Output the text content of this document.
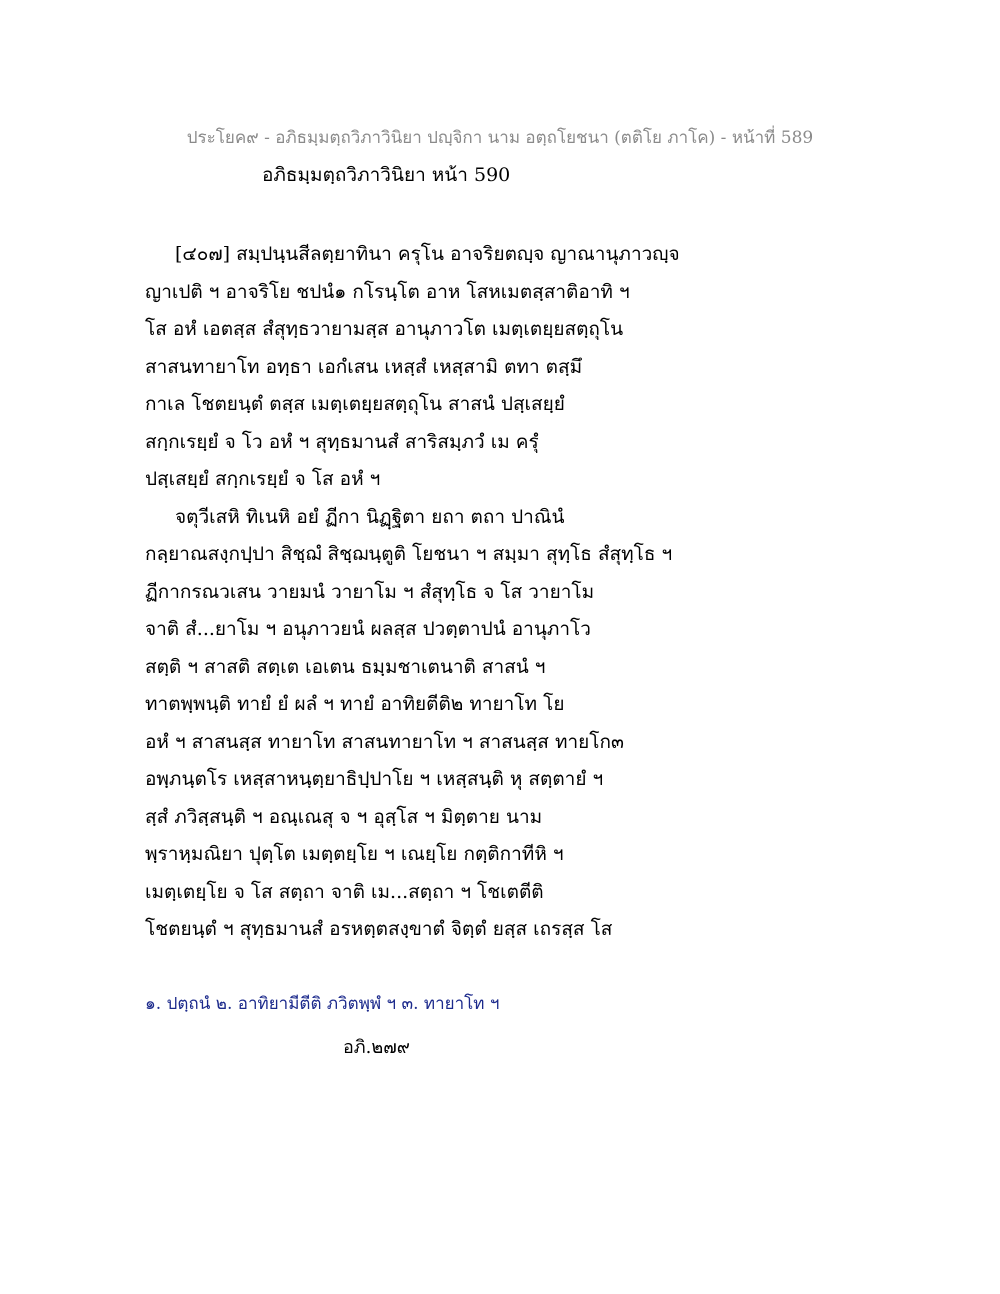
ประโยค๙ - อภิธมฺมตฺถวิภาวินิยา ปญฺจิกา นาม อตฺถโยชนา (ตติโย ภาโค) - หน้าที่ 589
อภิธมฺมตฺถวิภาวินิยา หน้า 590
[๔๐๗] สมฺปนฺนสีลตฺยาทินา ครุโน อาจริยตญฺจ ญาณานุภาวญฺจ
ญาเปติ ฯ อาจริโย ชปนํ๑ กโรนฺโต อาห โสหเมตสฺสาติอาทิ ฯ
โส อหํ เอตสฺส สํสุทฺธวายามสฺส อานุภาวโต เมตฺเตยฺยสตฺถุโน
สาสนทายาโท อทฺธา เอกํเสน เหสฺสํ เหสฺสามิ ตทา ตสฺมึ
กาเล โชตยนฺตํ ตสฺส เมตฺเตยฺยสตฺถุโน สาสนํ ปสฺเสยฺยํ
สกฺกเรยฺยํ จ โว อหํ ฯ สุทฺธมานสํ สาริสมฺภวํ เม ครุํ
ปสฺเสยฺยํ สกฺกเรยฺยํ จ โส อหํ ฯ
จตุวีเสหิ ทิเนหิ อยํ ฏีกา นิฏฺฐิตา ยถา ตถา ปาณินํ
กลฺยาณสงฺกปฺปา สิชฺฌํ สิชฺฌนฺตูติ โยชนา ฯ สมฺมา สุทฺโธ สํสุทฺโธ ฯ
ฏีกากรณวเสน วายมนํ วายาโม ฯ สํสุทฺโธ จ โส วายาโม
จาติ สํ...ยาโม ฯ อนุภาวยนํ ผลสฺส ปวตฺตาปนํ อานุภาโว
สตฺติ ฯ สาสติ สตฺเต เอเตน ธมฺมชาเตนาติ สาสนํ ฯ
ทาตพฺพนฺติ ทายํ ยํ ผลํ ฯ ทายํ อาทิยตีติ๒ ทายาโท โย
อหํ ฯ สาสนสฺส ทายาโท สาสนทายาโท ฯ สาสนสฺส ทายโก๓
อพฺภนฺตโร เหสฺสาหนฺตฺยาธิปฺปาโย ฯ เหสฺสนฺติ หุ สตฺตายํ ฯ
สฺสํ ภวิสฺสนฺติ ฯ อณฺเณสุ จ ฯ อุสฺโส ฯ มิตฺตาย นาม
พฺราหฺมณิยา ปุตฺโต เมตฺตยฺโย ฯ เณยฺโย กตฺติกาทีหิ ฯ
เมตฺเตยฺโย จ โส สตฺถา จาติ เม...สตฺถา ฯ โชเตตีติ
โชตยนฺตํ ฯ สุทฺธมานสํ อรหตฺตสงฺขาตํ จิตฺตํ ยสฺส เถรสฺส โส
๑. ปตฺถนํ ๒. อาทิยามีตีติ ภวิตพฺพํ ฯ ๓. ทายาโท ฯ
อภิ.๒๗๙
